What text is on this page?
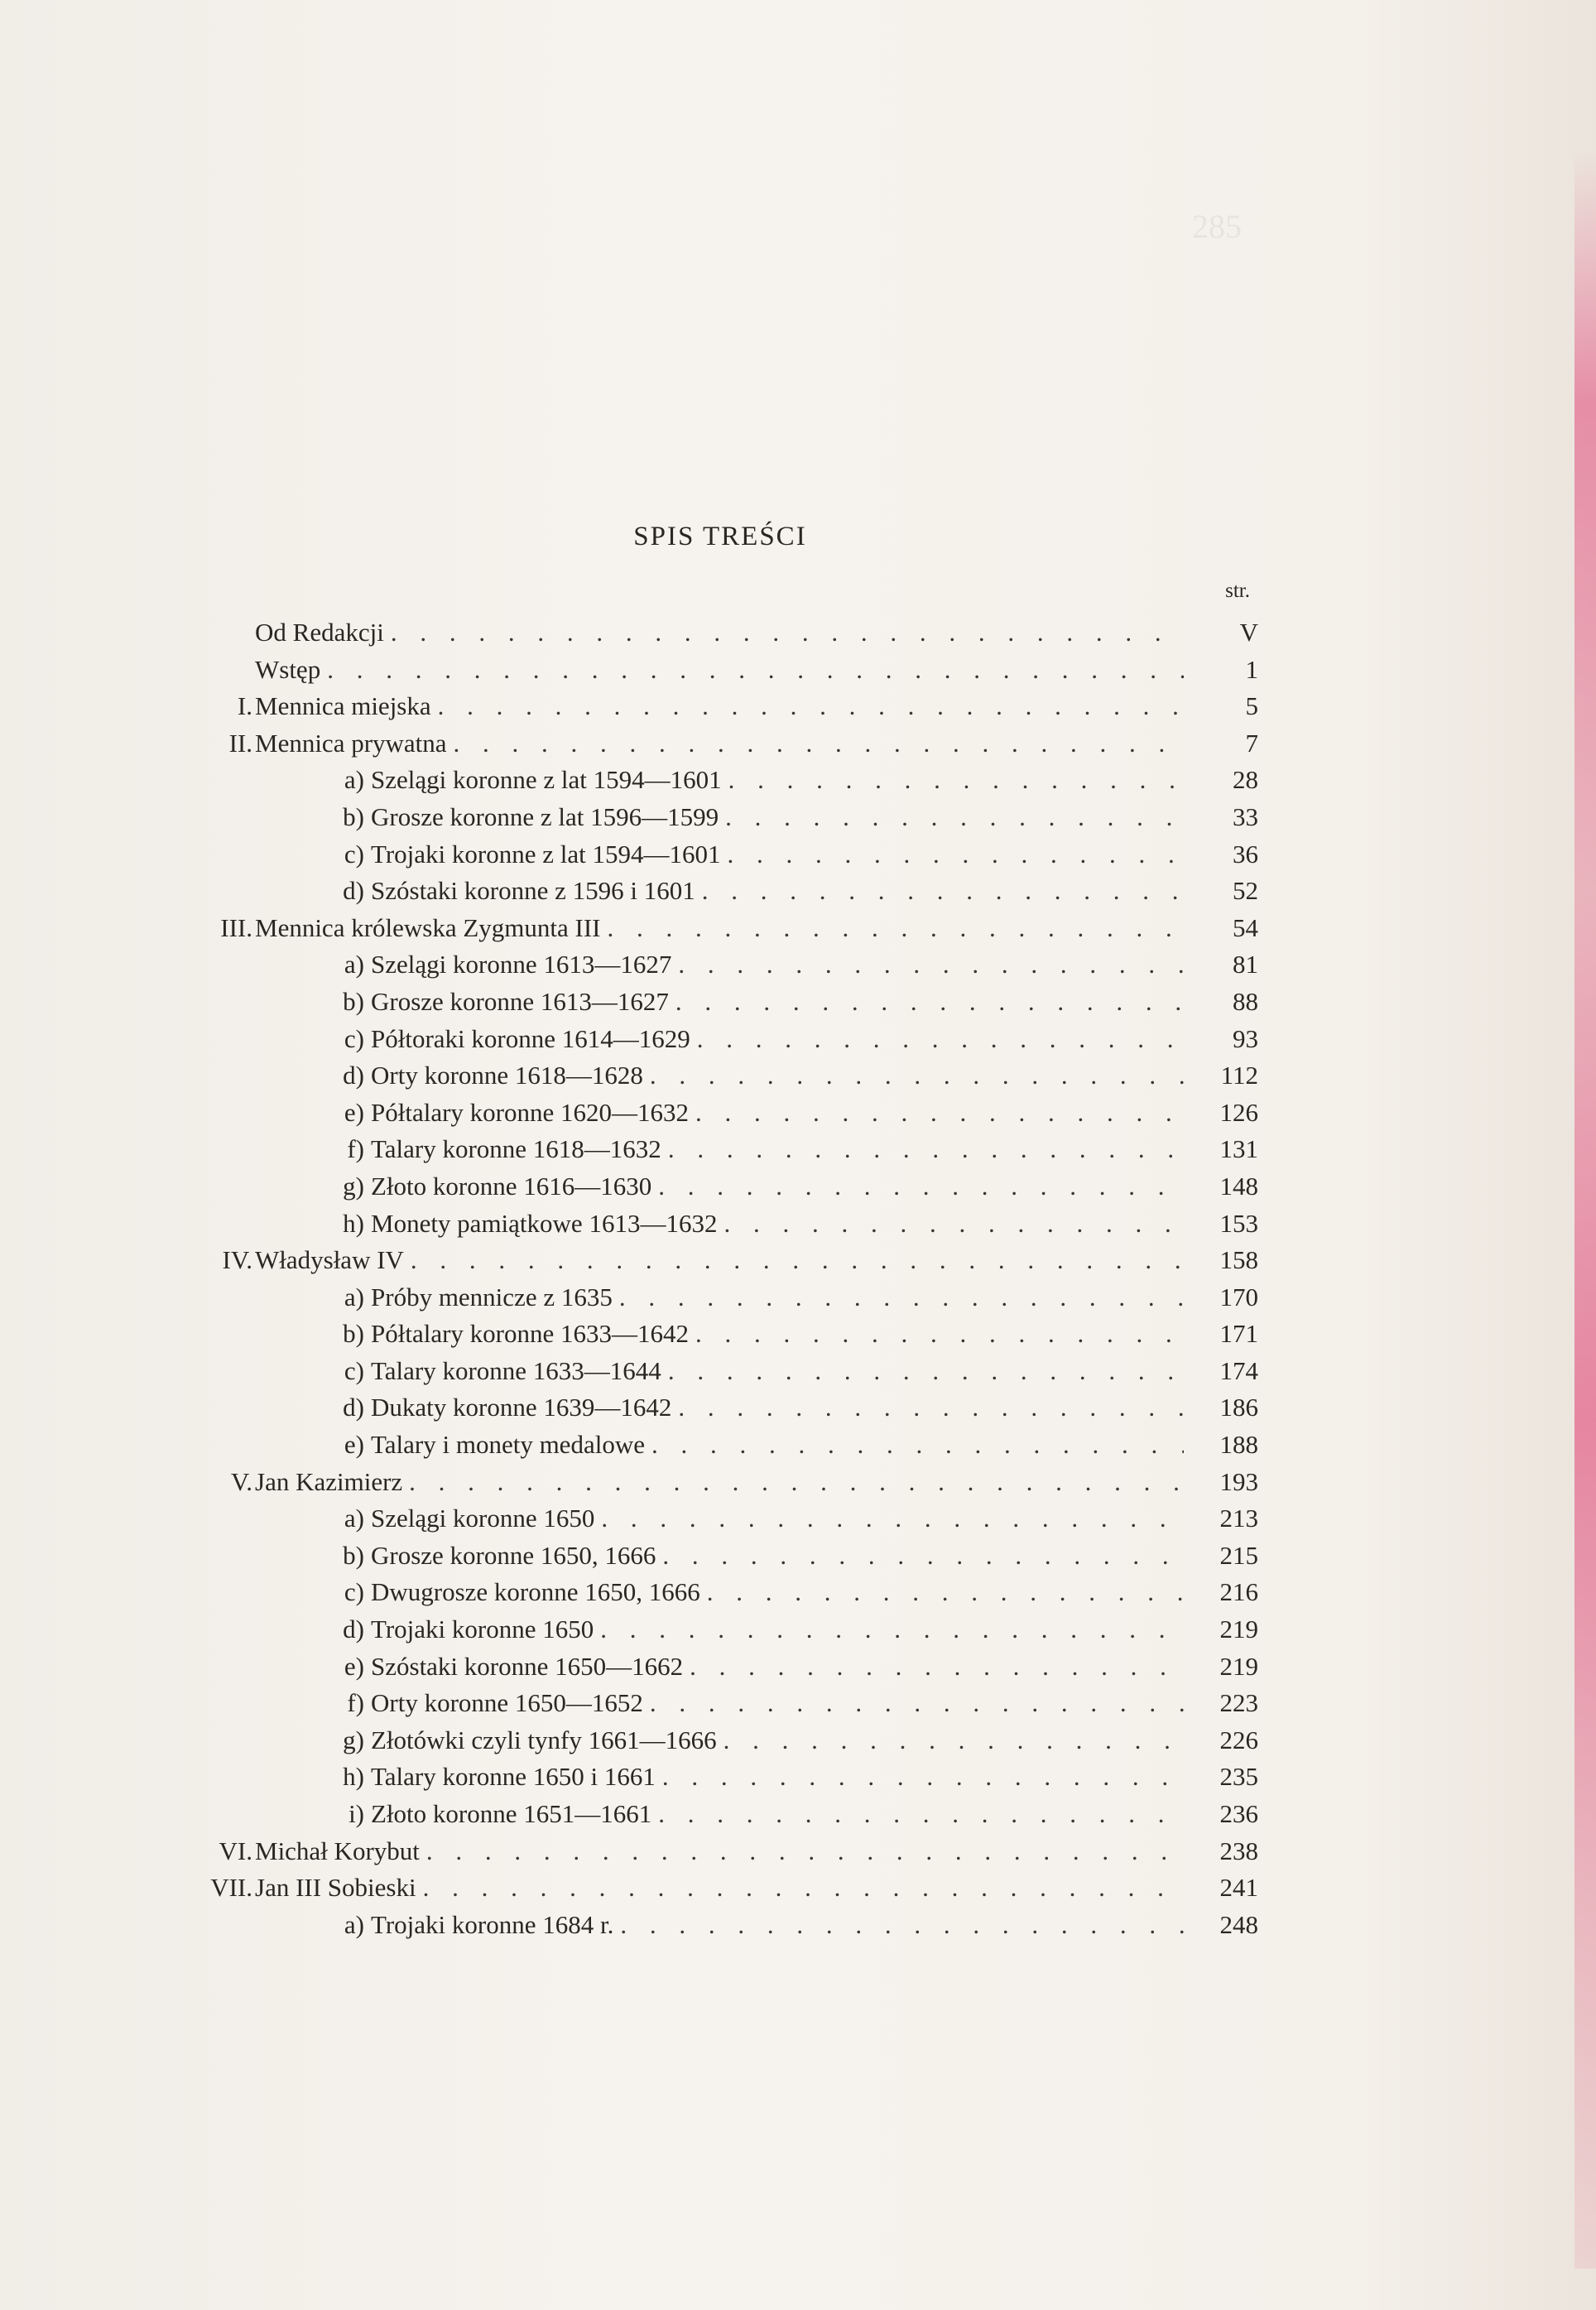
285
SPIS TREŚCI
str.
Od Redakcji . . .	V
Wstęp . . .	1
I. Mennica miejska . . .	5
II. Mennica prywatna . . .	7
a) Szelągi koronne z lat 1594—1601 . . .	28
b) Grosze koronne z lat 1596—1599 . . .	33
c) Trojaki koronne z lat 1594—1601 . . .	36
d) Szóstaki koronne z 1596 i 1601 . . .	52
III. Mennica królewska Zygmunta III . . .	54
a) Szelągi koronne 1613—1627 . . .	81
b) Grosze koronne 1613—1627 . . .	88
c) Półtoraki koronne 1614—1629 . . .	93
d) Orty koronne 1618—1628 . . .	112
e) Półtalary koronne 1620—1632 . . .	126
f) Talary koronne 1618—1632 . . .	131
g) Złoto koronne 1616—1630 . . .	148
h) Monety pamiątkowe 1613—1632 . . .	153
IV. Władysław IV . . .	158
a) Próby mennicze z 1635 . . .	170
b) Półtalary koronne 1633—1642 . . .	171
c) Talary koronne 1633—1644 . . .	174
d) Dukaty koronne 1639—1642 . . .	186
e) Talary i monety medalowe . . .	188
V. Jan Kazimierz . . .	193
a) Szelągi koronne 1650 . . .	213
b) Grosze koronne 1650, 1666 . . .	215
c) Dwugrosze koronne 1650, 1666 . . .	216
d) Trojaki koronne 1650 . . .	219
e) Szóstaki koronne 1650—1662 . . .	219
f) Orty koronne 1650—1652 . . .	223
g) Złotówki czyli tynfy 1661—1666 . . .	226
h) Talary koronne 1650 i 1661 . . .	235
i) Złoto koronne 1651—1661 . . .	236
VI. Michał Korybut . . .	238
VII. Jan III Sobieski . . .	241
a) Trojaki koronne 1684 r. . . .	248
